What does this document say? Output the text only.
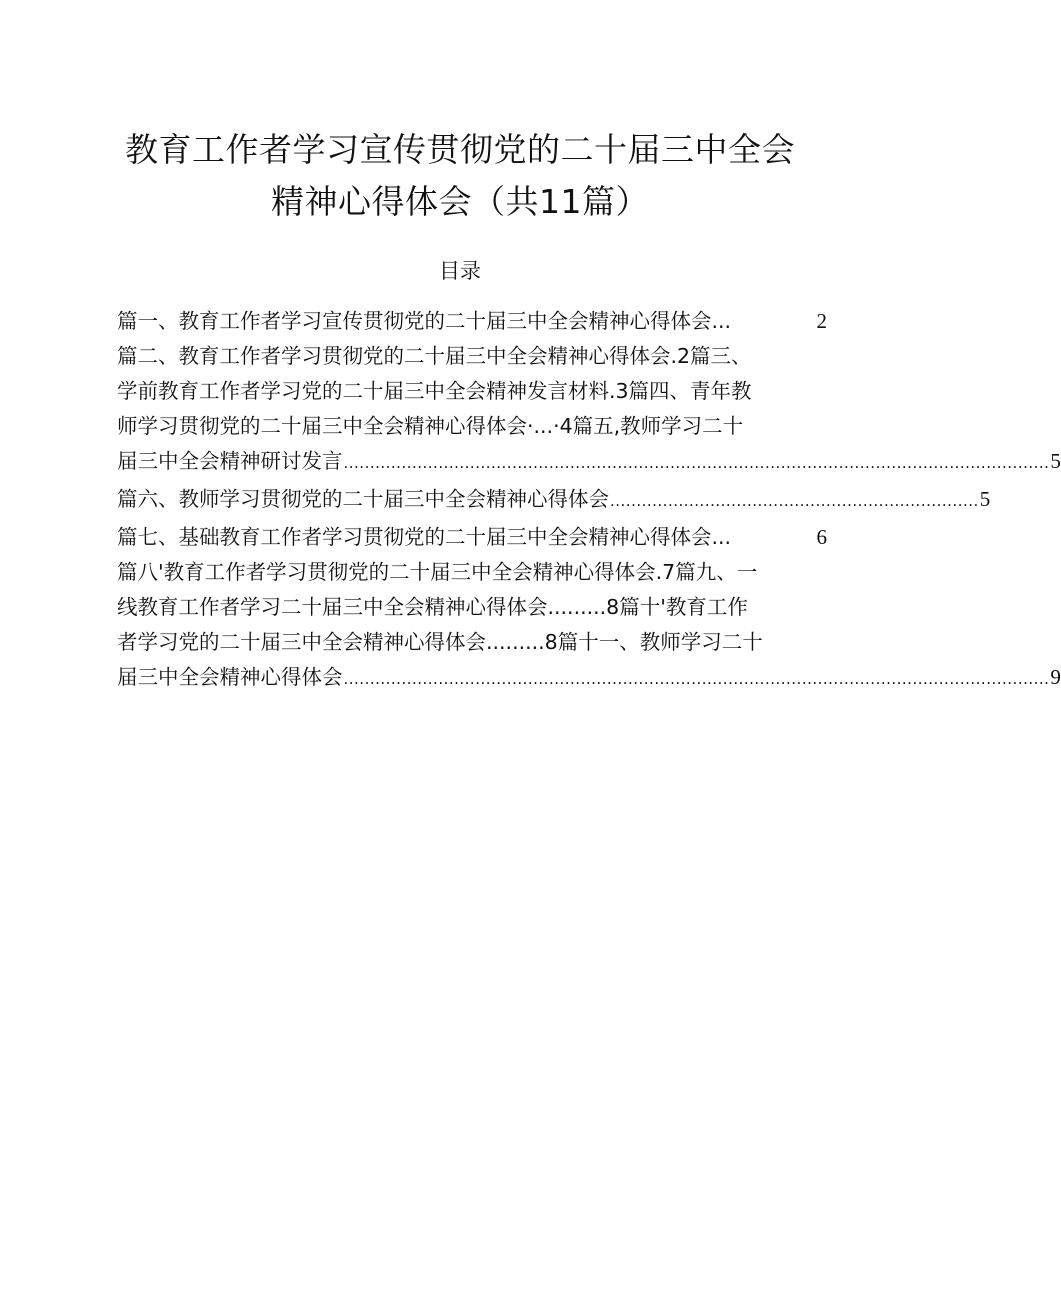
教育工作者学习宣传贯彻党的二十届三中全会
精神心得体会（共11篇）
目录
篇一、教育工作者学习宣传贯彻党的二十届三中全会精神心得体会...	2
篇二、教育工作者学习贯彻党的二十届三中全会精神心得体会.2篇三、
学前教育工作者学习党的二十届三中全会精神发言材料.3篇四、青年教
师学习贯彻党的二十届三中全会精神心得体会·...·4篇五,教师学习二十
届三中全会精神研讨发言 ...................................................................................................................................... 5
篇六、教师学习贯彻党的二十届三中全会精神心得体会 ...................................................................... 5
篇七、基础教育工作者学习贯彻党的二十届三中全会精神心得体会...	6
篇八'教育工作者学习贯彻党的二十届三中全会精神心得体会.7篇九、一
线教育工作者学习二十届三中全会精神心得体会.........8篇十'教育工作
者学习党的二十届三中全会精神心得体会.........8篇十一、教师学习二十
届三中全会精神心得体会 ...................................................................................................................................... 9
